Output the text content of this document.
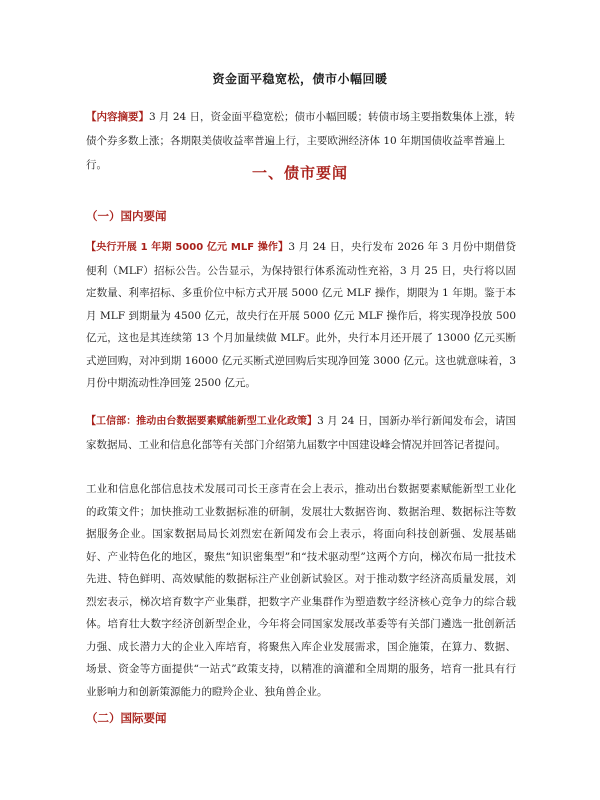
资金面平稳宽松，债市小幅回暖
【内容摘要】3 月 24 日，资金面平稳宽松；债市小幅回暖；转债市场主要指数集体上涨，转债个券多数上涨；各期限美债收益率普遍上行，主要欧洲经济体 10 年期国债收益率普遍上行。	一、债市要闻
（一）国内要闻
【央行开展 1 年期 5000 亿元 MLF 操作】3 月 24 日，央行发布 2026 年 3 月份中期借贷便利（MLF）招标公告。公告显示，为保持银行体系流动性充裕，3 月 25 日，央行将以固定数量、利率招标、多重价位中标方式开展 5000 亿元 MLF 操作，期限为 1 年期。鉴于本月 MLF 到期量为 4500 亿元，故央行在开展 5000 亿元 MLF 操作后，将实现净投放 500 亿元，这也是其连续第 13 个月加量续做 MLF。此外，央行本月还开展了 13000 亿元买断式逆回购，对冲到期 16000 亿元买断式逆回购后实现净回笼 3000 亿元。这也就意味着，3 月份中期流动性净回笼 2500 亿元。
【工信部：推动由台数据要素赋能新型工业化政策】3 月 24 日，国新办举行新闻发布会，请国家数据局、工业和信息化部等有关部门介绍第九届数字中国建设峰会情况并回答记者提问。
工业和信息化部信息技术发展司司长王彦青在会上表示，推动出台数据要素赋能新型工业化的政策文件；加快推动工业数据标准的研制，发展壮大数据咨询、数据治理、数据标注等数据服务企业。国家数据局局长刘烈宏在新闻发布会上表示，将面向科技创新强、发展基础好、产业特色化的地区，聚焦“知识密集型”和“技术驱动型”这两个方向，梯次布局一批技术先进、特色鲜明、高效赋能的数据标注产业创新试验区。对于推动数字经济高质量发展，刘烈宏表示，梯次培育数字产业集群，把数字产业集群作为塑造数字经济核心竞争力的综合载体。培育壮大数字经济创新型企业，今年将会同国家发展改革委等有关部门遴选一批创新活力强、成长潜力大的企业入库培育，将聚焦入库企业发展需求，国企施策，在算力、数据、场景、资金等方面提供“一站式”政策支持，以精准的滴灌和全周期的服务，培育一批具有行业影响力和创新策源能力的瞪羚企业、独角兽企业。
（二）国际要闻
